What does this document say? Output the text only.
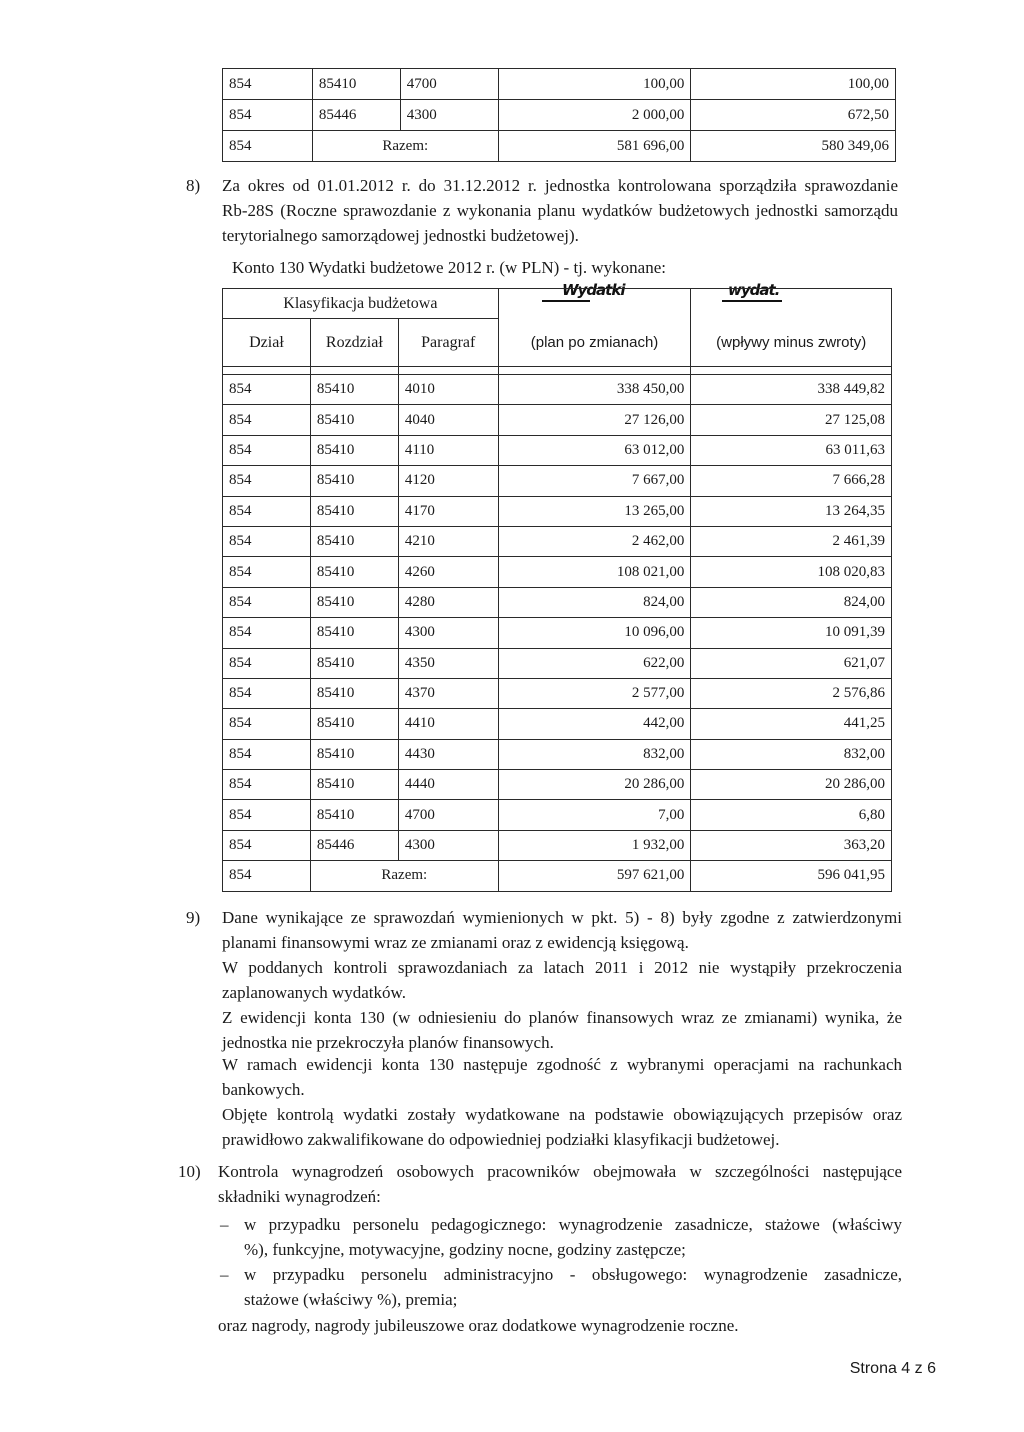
854	85410	4700	100,00	100,00
854	85446	4300	2 000,00	672,50
854	Razem:		581 696,00	580 349,06
8) Za okres od 01.01.2012 r. do 31.12.2012 r. jednostka kontrolowana sporządziła sprawozdanie
Rb-28S (Roczne sprawozdanie z wykonania planu wydatków budżetowych jednostki samorządu
terytorialnego samorządowej jednostki budżetowej).
Konto 130 Wydatki budżetowe 2012 r. (w PLN) - tj. wykonane:
Wydatki	wydat.
Klasyfikacja budżetowa			(plan po zmianach)	(wpływy minus zwroty)
Dział	Rozdział	Paragraf		

854	85410	4010	338 450,00	338 449,82
854	85410	4040	27 126,00	27 125,08
854	85410	4110	63 012,00	63 011,63
854	85410	4120	7 667,00	7 666,28
854	85410	4170	13 265,00	13 264,35
854	85410	4210	2 462,00	2 461,39
854	85410	4260	108 021,00	108 020,83
854	85410	4280	824,00	824,00
854	85410	4300	10 096,00	10 091,39
854	85410	4350	622,00	621,07
854	85410	4370	2 577,00	2 576,86
854	85410	4410	442,00	441,25
854	85410	4430	832,00	832,00
854	85410	4440	20 286,00	20 286,00
854	85410	4700	7,00	6,80
854	85446	4300	1 932,00	363,20
854	Razem:		597 621,00	596 041,95
9) Dane wynikające ze sprawozdań wymienionych w pkt. 5) - 8) były zgodne z zatwierdzonymi
planami finansowymi wraz ze zmianami oraz z ewidencją księgową.
W poddanych kontroli sprawozdaniach za latach 2011 i 2012 nie wystąpiły przekroczenia
zaplanowanych wydatków.
Z ewidencji konta 130 (w odniesieniu do planów finansowych wraz ze zmianami) wynika, że
jednostka nie przekroczyła planów finansowych.
W ramach ewidencji konta 130 następuje zgodność z wybranymi operacjami na rachunkach
bankowych.
Objęte kontrolą wydatki zostały wydatkowane na podstawie obowiązujących przepisów oraz
prawidłowo zakwalifikowane do odpowiedniej podziałki klasyfikacji budżetowej.
10) Kontrola wynagrodzeń osobowych pracowników obejmowała w szczególności następujące
składniki wynagrodzeń:
– w przypadku personelu pedagogicznego: wynagrodzenie zasadnicze, stażowe (właściwy
%), funkcyjne, motywacyjne, godziny nocne, godziny zastępcze;
– w przypadku personelu administracyjno - obsługowego: wynagrodzenie zasadnicze,
stażowe (właściwy %), premia;
oraz nagrody, nagrody jubileuszowe oraz dodatkowe wynagrodzenie roczne.
Strona 4 z 6
